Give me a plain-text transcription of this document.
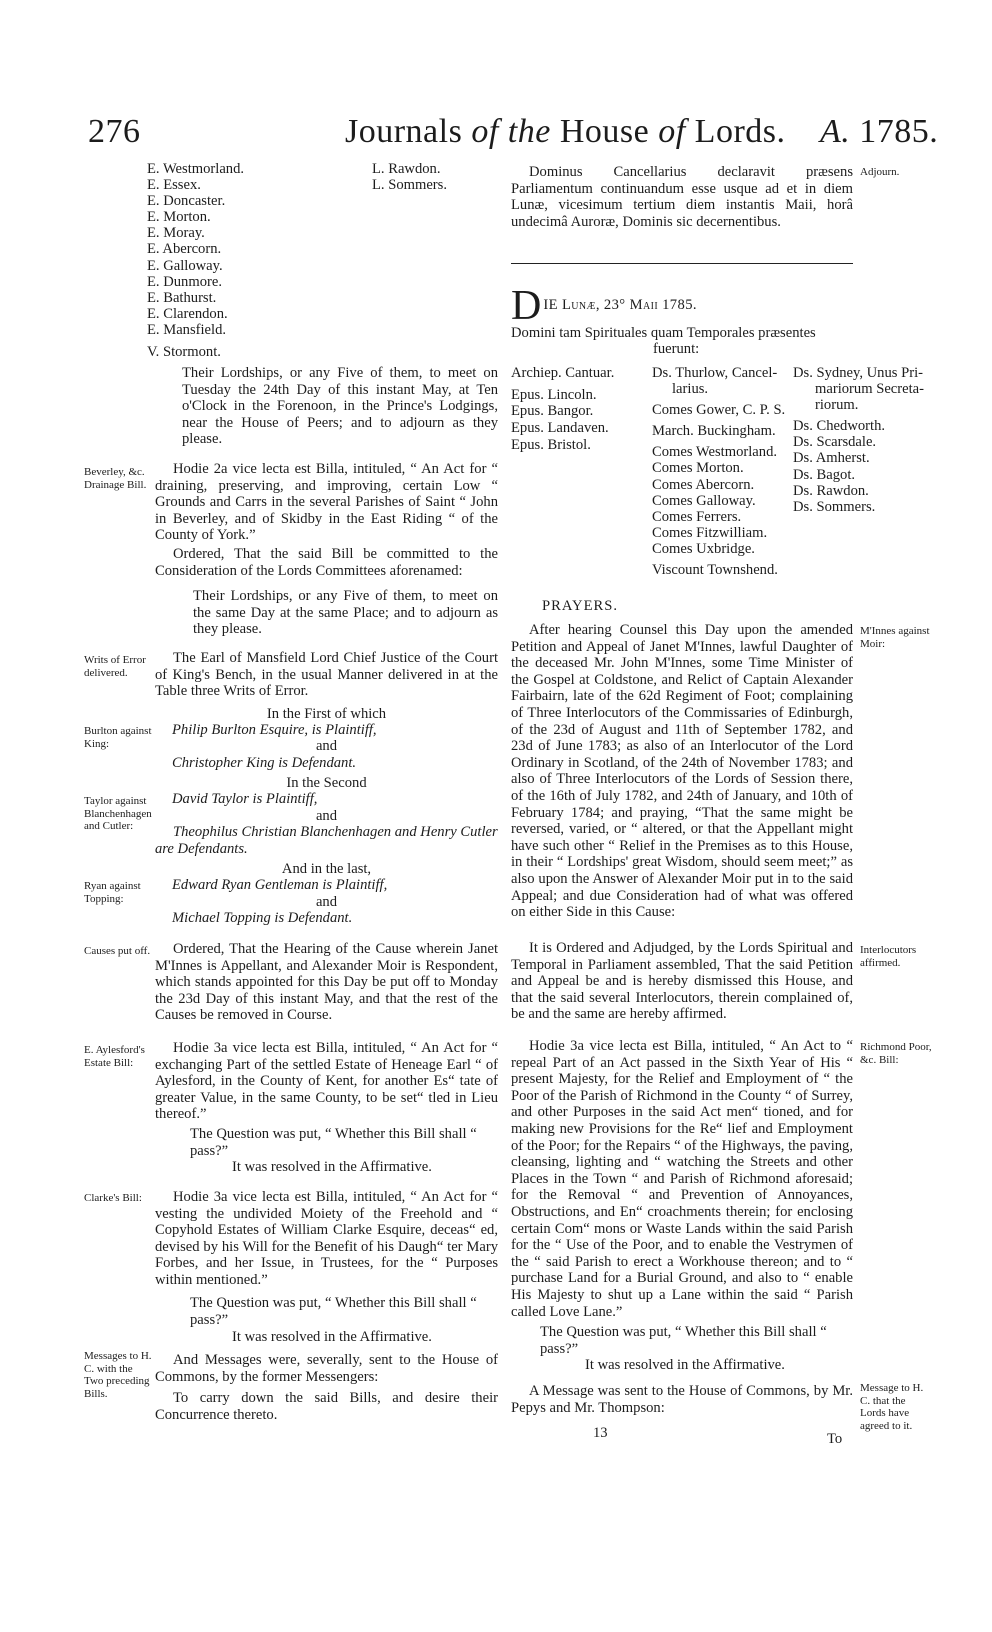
276	Journals of the House of Lords. A. 1785.
E. Westmorland.
E. Essex.
E. Doncaster.
E. Morton.
E. Moray.
E. Abercorn.
E. Galloway.
E. Dunmore.
E. Bathurst.
E. Clarendon.
E. Mansfield.
V. Stormont.
L. Rawdon.
L. Sommers.
Their Lordships, or any Five of them, to meet on Tuesday the 24th Day of this instant May, at Ten o'Clock in the Forenoon, in the Prince's Lodgings, near the House of Peers; and to adjourn as they please.
Beverley, &c. Drainage Bill.
Hodie 2a vice lecta est Billa, intituled, “ An Act for “ draining, preserving, and improving, certain Low “ Grounds and Carrs in the several Parishes of Saint “ John in Beverley, and of Skidby in the East Riding “ of the County of York.”
Ordered, That the said Bill be committed to the Consideration of the Lords Committees aforenamed:
Their Lordships, or any Five of them, to meet on the same Day at the same Place; and to adjourn as they please.
Writs of Error delivered.
The Earl of Mansfield Lord Chief Justice of the Court of King's Bench, in the usual Manner delivered in at the Table three Writs of Error.
In the First of which
Burlton against King:
Philip Burlton Esquire, is Plaintiff,
and
Christopher King is Defendant.
In the Second
Taylor against Blanchenhagen and Cutler:
David Taylor is Plaintiff,
and
Theophilus Christian Blanchenhagen and Henry Cutler are Defendants.
And in the last,
Ryan against Topping:
Edward Ryan Gentleman is Plaintiff,
and
Michael Topping is Defendant.
Causes put off.	Ordered, That the Hearing of the Cause wherein Janet M'Innes is Appellant, and Alexander Moir is Respondent, which stands appointed for this Day be put off to Monday the 23d Day of this instant May, and that the rest of the Causes be removed in Course.
E. Aylesford's Estate Bill:
Hodie 3a vice lecta est Billa, intituled, “ An Act for “ exchanging Part of the settled Estate of Heneage Earl “ of Aylesford, in the County of Kent, for another Es“ tate of greater Value, in the same County, to be set“ tled in Lieu thereof.”
The Question was put, “ Whether this Bill shall “ pass?”
It was resolved in the Affirmative.
Clarke's Bill:	Hodie 3a vice lecta est Billa, intituled, “ An Act for “ vesting the undivided Moiety of the Freehold and “ Copyhold Estates of William Clarke Esquire, deceas“ ed, devised by his Will for the Benefit of his Daugh“ ter Mary Forbes, and her Issue, in Trustees, for the “ Purposes within mentioned.”
The Question was put, “ Whether this Bill shall “ pass?”
It was resolved in the Affirmative.
Messages to H. C. with the Two preceding Bills.
And Messages were, severally, sent to the House of Commons, by the former Messengers:
To carry down the said Bills, and desire their Concurrence thereto.
Dominus Cancellarius declaravit præsens Parliamentum continuandum esse usque ad et in diem Lunæ, vicesimum tertium diem instantis Maii, horâ undecimâ Auroræ, Dominis sic decernentibus.
Adjourn.
D IE Lunæ, 23° Maii 1785.
Domini tam Spirituales quam Temporales præsentes
fuerunt:
Archiep. Cantuar.
Epus. Lincoln.
Epus. Bangor.
Epus. Landaven.
Epus. Bristol.
Ds. Thurlow, Cancel-
larius.
Comes Gower, C. P. S.
March. Buckingham.
Comes Westmorland.
Comes Morton.
Comes Abercorn.
Comes Galloway.
Comes Ferrers.
Comes Fitzwilliam.
Comes Uxbridge.
Viscount Townshend.
Ds. Sydney, Unus Pri-
mariorum Secreta-
riorum.
Ds. Chedworth.
Ds. Scarsdale.
Ds. Amherst.
Ds. Bagot.
Ds. Rawdon.
Ds. Sommers.
PRAYERS.
M'Innes against Moir:
After hearing Counsel this Day upon the amended Petition and Appeal of Janet M'Innes, lawful Daughter of the deceased Mr. John M'Innes, some Time Minister of the Gospel at Coldstone, and Relict of Captain Alexander Fairbairn, late of the 62d Regiment of Foot; complaining of Three Interlocutors of the Commissaries of Edinburgh, of the 23d of August and 11th of September 1782, and 23d of June 1783; as also of an Interlocutor of the Lord Ordinary in Scotland, of the 24th of November 1783; and also of Three Interlocutors of the Lords of Session there, of the 16th of July 1782, and 24th of January, and 10th of February 1784; and praying, “That the same might be reversed, varied, or “ altered, or that the Appellant might have such other “ Relief in the Premises as to this House, in their “ Lordships' great Wisdom, should seem meet;” as also upon the Answer of Alexander Moir put in to the said Appeal; and due Consideration had of what was offered on either Side in this Cause:
Interlocutors affirmed.
It is Ordered and Adjudged, by the Lords Spiritual and Temporal in Parliament assembled, That the said Petition and Appeal be and is hereby dismissed this House, and that the said several Interlocutors, therein complained of, be and the same are hereby affirmed.
Richmond Poor, &c. Bill:
Hodie 3a vice lecta est Billa, intituled, “ An Act to “ repeal Part of an Act passed in the Sixth Year of His “ present Majesty, for the Relief and Employment of “ the Poor of the Parish of Richmond in the County “ of Surrey, and other Purposes in the said Act men“ tioned, and for making new Provisions for the Re“ lief and Employment of the Poor; for the Repairs “ of the Highways, the paving, cleansing, lighting and “ watching the Streets and other Places in the Town “ and Parish of Richmond aforesaid; for the Removal “ and Prevention of Annoyances, Obstructions, and En“ croachments therein; for enclosing certain Com“ mons or Waste Lands within the said Parish for the “ Use of the Poor, and to enable the Vestrymen of the “ said Parish to erect a Workhouse thereon; and to “ purchase Land for a Burial Ground, and also to “ enable His Majesty to shut up a Lane within the said “ Parish called Love Lane.”
The Question was put, “ Whether this Bill shall “ pass?”
It was resolved in the Affirmative.
A Message was sent to the House of Commons, by Mr. Pepys and Mr. Thompson:
Message to H. C. that the Lords have agreed to it.
13	To
